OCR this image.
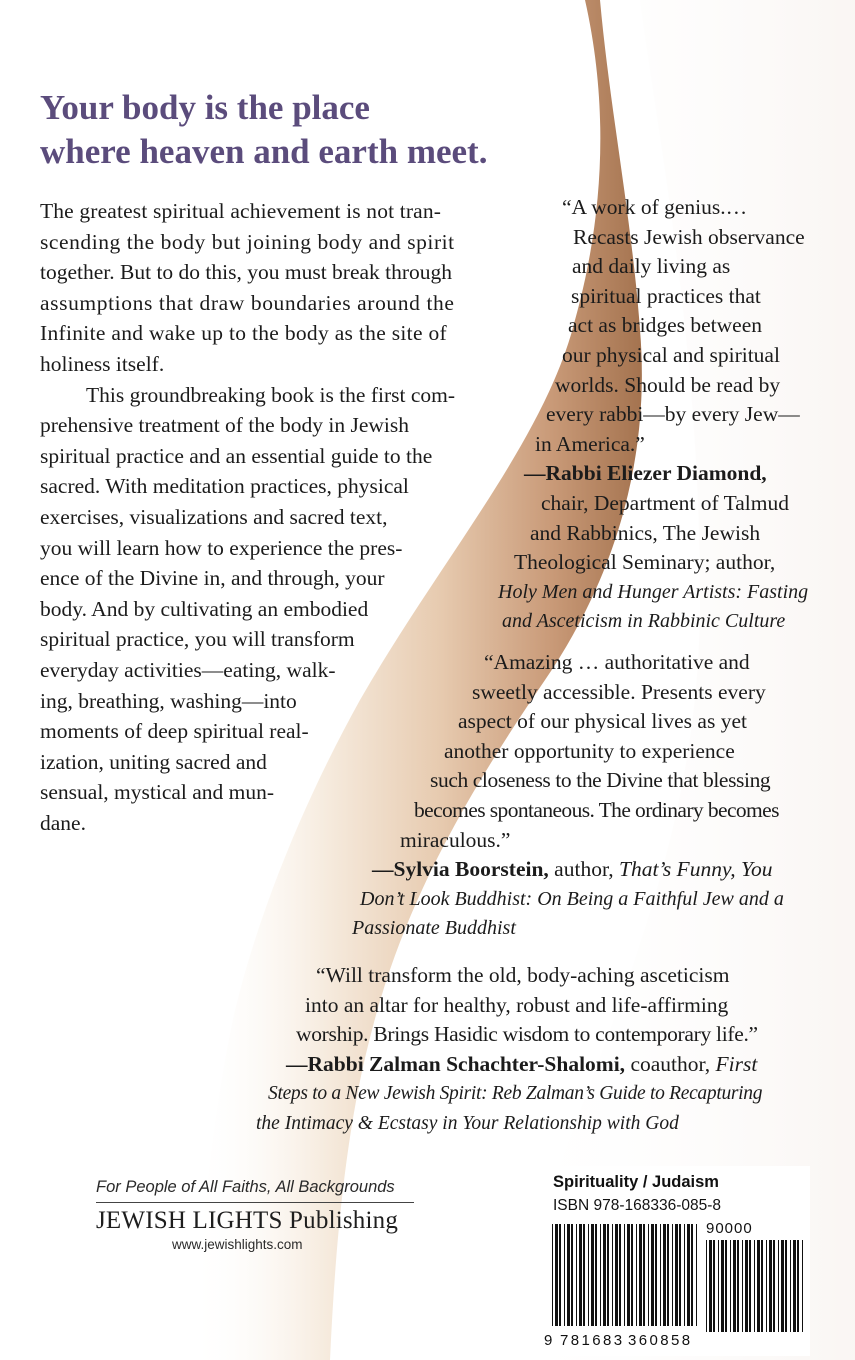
Your body is the place
where heaven and earth meet.
The greatest spiritual achievement is not tran-
scending the body but joining body and spirit
together. But to do this, you must break through
assumptions that draw boundaries around the
Infinite and wake up to the body as the site of
holiness itself.
This groundbreaking book is the first com-
prehensive treatment of the body in Jewish
spiritual practice and an essential guide to the
sacred. With meditation practices, physical
exercises, visualizations and sacred text,
you will learn how to experience the pres-
ence of the Divine in, and through, your
body. And by cultivating an embodied
spiritual practice, you will transform
everyday activities—eating, walk-
ing, breathing, washing—into
moments of deep spiritual real-
ization, uniting sacred and
sensual, mystical and mun-
dane.
“A work of genius.…
Recasts Jewish observance
and daily living as
spiritual practices that
act as bridges between
our physical and spiritual
worlds. Should be read by
every rabbi—by every Jew—
in America.”
—Rabbi Eliezer Diamond,
chair, Department of Talmud
and Rabbinics, The Jewish
Theological Seminary; author,
Holy Men and Hunger Artists: Fasting
and Asceticism in Rabbinic Culture
“Amazing … authoritative and
sweetly accessible. Presents every
aspect of our physical lives as yet
another opportunity to experience
such closeness to the Divine that blessing
becomes spontaneous. The ordinary becomes
miraculous.”
—Sylvia Boorstein, author, That’s Funny, You
Don’t Look Buddhist: On Being a Faithful Jew and a
Passionate Buddhist
“Will transform the old, body-aching asceticism
into an altar for healthy, robust and life-affirming
worship. Brings Hasidic wisdom to contemporary life.”
—Rabbi Zalman Schachter-Shalomi, coauthor, First
Steps to a New Jewish Spirit: Reb Zalman’s Guide to Recapturing
the Intimacy & Ecstasy in Your Relationship with God
For People of All Faiths, All Backgrounds
JEWISH LIGHTS Publishing
www.jewishlights.com
Spirituality / Judaism
ISBN 978-168336-085-8
90000
9 781683 360858
